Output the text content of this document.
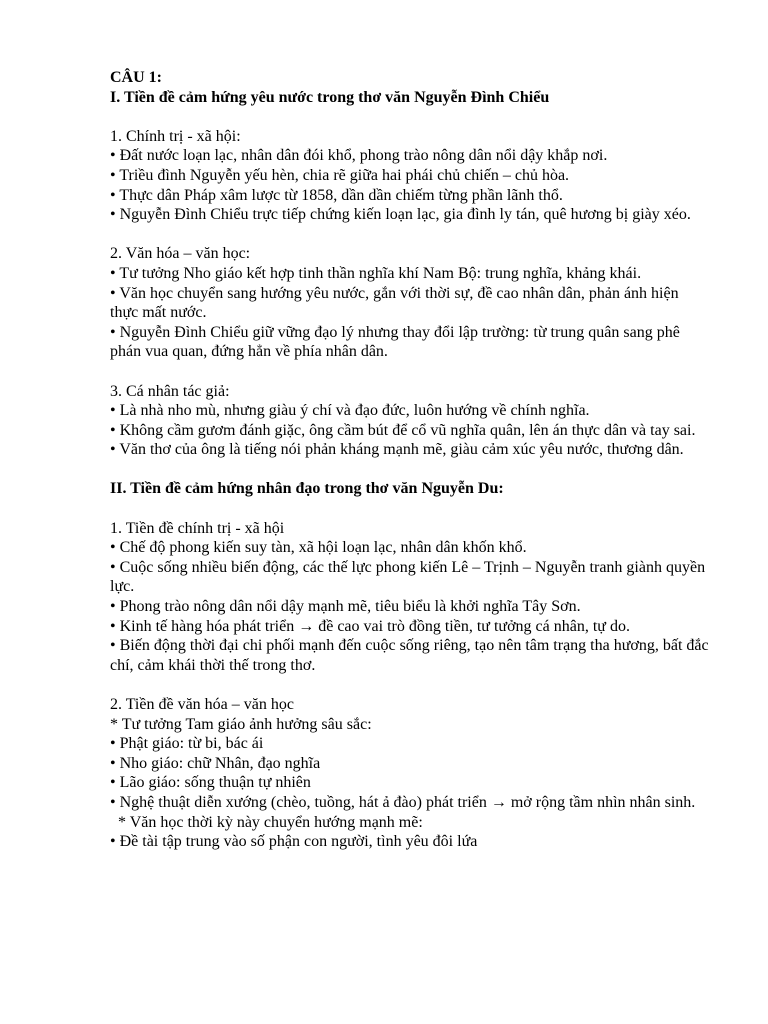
CÂU 1:

I. Tiền đề cảm hứng yêu nước trong thơ văn Nguyễn Đình Chiểu

1. Chính trị - xã hội:

• Đất nước loạn lạc, nhân dân đói khổ, phong trào nông dân nổi dậy khắp nơi.

• Triều đình Nguyễn yếu hèn, chia rẽ giữa hai phái chủ chiến – chủ hòa.

• Thực dân Pháp xâm lược từ 1858, dần dần chiếm từng phần lãnh thổ.

• Nguyễn Đình Chiểu trực tiếp chứng kiến loạn lạc, gia đình ly tán, quê hương bị giày xéo.

2. Văn hóa – văn học:

• Tư tưởng Nho giáo kết hợp tinh thần nghĩa khí Nam Bộ: trung nghĩa, khảng khái.

• Văn học chuyển sang hướng yêu nước, gắn với thời sự, đề cao nhân dân, phản ánh hiện thực mất nước.

• Nguyễn Đình Chiểu giữ vững đạo lý nhưng thay đổi lập trường: từ trung quân sang phê phán vua quan, đứng hẳn về phía nhân dân.

3. Cá nhân tác giả:

• Là nhà nho mù, nhưng giàu ý chí và đạo đức, luôn hướng về chính nghĩa.

• Không cầm gươm đánh giặc, ông cầm bút để cổ vũ nghĩa quân, lên án thực dân và tay sai.

• Văn thơ của ông là tiếng nói phản kháng mạnh mẽ, giàu cảm xúc yêu nước, thương dân.

II. Tiền đề cảm hứng nhân đạo trong thơ văn Nguyễn Du:

1. Tiền đề chính trị - xã hội

• Chế độ phong kiến suy tàn, xã hội loạn lạc, nhân dân khốn khổ.

• Cuộc sống nhiều biến động, các thế lực phong kiến Lê – Trịnh – Nguyễn tranh giành quyền lực.

• Phong trào nông dân nổi dậy mạnh mẽ, tiêu biểu là khởi nghĩa Tây Sơn.

• Kinh tế hàng hóa phát triển → đề cao vai trò đồng tiền, tư tưởng cá nhân, tự do.

• Biến động thời đại chi phối mạnh đến cuộc sống riêng, tạo nên tâm trạng tha hương, bất đắc chí, cảm khái thời thế trong thơ.

2. Tiền đề văn hóa – văn học

* Tư tưởng Tam giáo ảnh hưởng sâu sắc:

• Phật giáo: từ bi, bác ái

• Nho giáo: chữ Nhân, đạo nghĩa

• Lão giáo: sống thuận tự nhiên

• Nghệ thuật diễn xướng (chèo, tuồng, hát ả đào) phát triển → mở rộng tầm nhìn nhân sinh.

* Văn học thời kỳ này chuyển hướng mạnh mẽ:

• Đề tài tập trung vào số phận con người, tình yêu đôi lứa
